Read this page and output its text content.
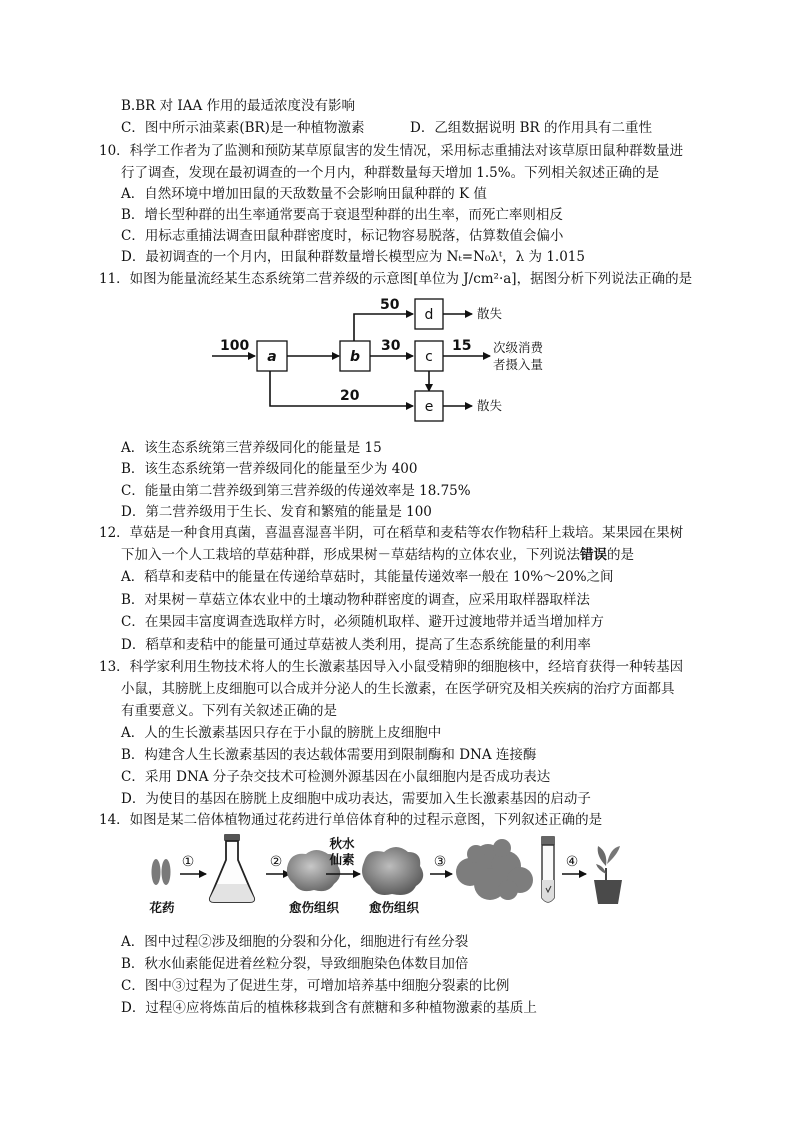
B.BR 对 IAA 作用的最适浓度没有影响
C．图中所示油菜素(BR)是一种植物激素	D．乙组数据说明 BR 的作用具有二重性
10．科学工作者为了监测和预防某草原鼠害的发生情况，采用标志重捕法对该草原田鼠种群数量进
行了调查，发现在最初调查的一个月内，种群数量每天增加 1.5%。下列相关叙述正确的是
A．自然环境中增加田鼠的天敌数量不会影响田鼠种群的 K 值
B．增长型种群的出生率通常要高于衰退型种群的出生率，而死亡率则相反
C．用标志重捕法调查田鼠种群密度时，标记物容易脱落，估算数值会偏小
D．最初调查的一个月内，田鼠种群数量增长模型应为 Nₜ=N₀λᵗ，λ 为 1.015
11．如图为能量流经某生态系统第二营养级的示意图[单位为 J/cm²·a]，据图分析下列说法正确的是
a	b
d
c
e
100
50
30	15
20
散失
次级消费
者摄入量
散失
A．该生态系统第三营养级同化的能量是 15
B．该生态系统第一营养级同化的能量至少为 400
C．能量由第二营养级到第三营养级的传递效率是 18.75%
D．第二营养级用于生长、发育和繁殖的能量是 100
12．草菇是一种食用真菌，喜温喜湿喜半阴，可在稻草和麦秸等农作物秸秆上栽培。某果园在果树
下加入一个人工栽培的草菇种群，形成果树－草菇结构的立体农业，下列说法错误的是
A．稻草和麦秸中的能量在传递给草菇时，其能量传递效率一般在 10%～20%之间
B．对果树－草菇立体农业中的土壤动物种群密度的调查，应采用取样器取样法
C．在果园丰富度调查选取样方时，必须随机取样、避开过渡地带并适当增加样方
D．稻草和麦秸中的能量可通过草菇被人类利用，提高了生态系统能量的利用率
13．科学家利用生物技术将人的生长激素基因导入小鼠受精卵的细胞核中，经培育获得一种转基因
小鼠，其膀胱上皮细胞可以合成并分泌人的生长激素，在医学研究及相关疾病的治疗方面都具
有重要意义。下列有关叙述正确的是
A．人的生长激素基因只存在于小鼠的膀胱上皮细胞中
B．构建含人生长激素基因的表达载体需要用到限制酶和 DNA 连接酶
C．采用 DNA 分子杂交技术可检测外源基因在小鼠细胞内是否成功表达
D．为使目的基因在膀胱上皮细胞中成功表达，需要加入生长激素基因的启动子
14．如图是某二倍体植物通过花药进行单倍体育种的过程示意图，下列叙述正确的是
①	②	③	④
秋水
仙素
花药	愈伤组织 愈伤组织
A．图中过程②涉及细胞的分裂和分化，细胞进行有丝分裂
B．秋水仙素能促进着丝粒分裂，导致细胞染色体数目加倍
C．图中③过程为了促进生芽，可增加培养基中细胞分裂素的比例
D．过程④应将炼苗后的植株移栽到含有蔗糖和多种植物激素的基质上
